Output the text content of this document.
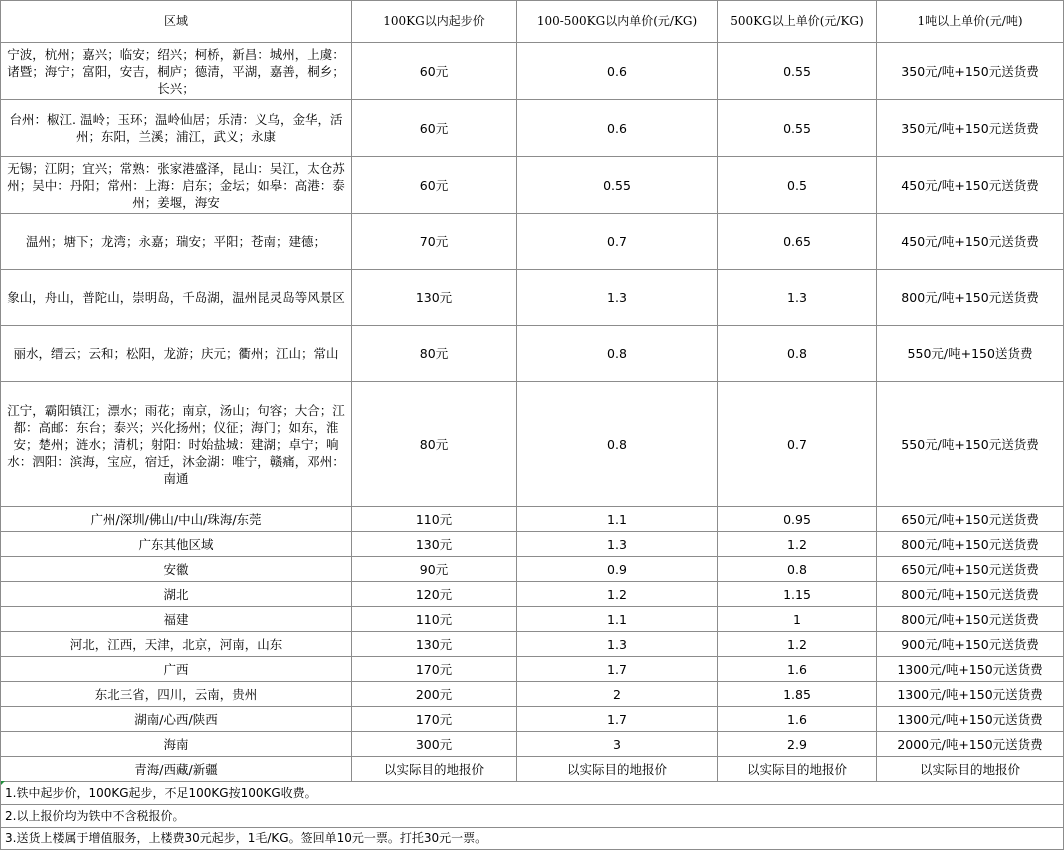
区域	100KG以内起步价	100-500KG以内单价(元/KG)	500KG以上单价(元/KG)	1吨以上单价(元/吨)
宁波，杭州；嘉兴；临安；绍兴；柯桥，新昌：城州，上虞：诸暨；海宁；富阳，安吉，桐庐；德清，平湖，嘉善，桐乡；长兴；	60元	0.6	0.55	350元/吨+150元送货费
台州：椒江. 温岭；玉环；温岭仙居；乐清：义乌，金华，活州；东阳，兰溪；浦江，武义；永康	60元	0.6	0.55	350元/吨+150元送货费
无锡；江阴；宜兴；常熟：张家港盛泽，昆山：吴江，太仓苏州；吴中：丹阳；常州：上海：启东；金坛；如皋：高港：泰州；姜堰，海安	60元	0.55	0.5	450元/吨+150元送货费
温州；塘下；龙湾；永嘉；瑞安；平阳；苍南；建德；	70元	0.7	0.65	450元/吨+150元送货费
象山，舟山，普陀山，崇明岛，千岛湖，温州昆灵岛等风景区	130元	1.3	1.3	800元/吨+150元送货费
丽水，缙云；云和；松阳，龙游；庆元；衢州；江山；常山	80元	0.8	0.8	550元/吨+150送货费
江宁，霸阳镇江；漂水；雨花；南京，汤山；句容；大合；江都：高邮：东台；泰兴；兴化扬州；仪征；海门；如东，淮安；楚州；涟水；清机；射阳：时始盐城：建湖；卓宁；响水：泗阳：滨海，宝应，宿迁，沐金湖：唯宁，赣痛，邓州：南通	80元	0.8	0.7	550元/吨+150元送货费
广州/深圳/佛山/中山/珠海/东莞	110元	1.1	0.95	650元/吨+150元送货费
广东其他区域	130元	1.3	1.2	800元/吨+150元送货费
安徽	90元	0.9	0.8	650元/吨+150元送货费
湖北	120元	1.2	1.15	800元/吨+150元送货费
福建	110元	1.1	1	800元/吨+150元送货费
河北，江西，天津，北京，河南，山东	130元	1.3	1.2	900元/吨+150元送货费
广西	170元	1.7	1.6	1300元/吨+150元送货费
东北三省，四川，云南，贵州	200元	2	1.85	1300元/吨+150元送货费
湖南/心西/陕西	170元	1.7	1.6	1300元/吨+150元送货费
海南	300元	3	2.9	2000元/吨+150元送货费
青海/西藏/新疆	以实际目的地报价	以实际目的地报价	以实际目的地报价	以实际目的地报价
1.铁中起步价，100KG起步，不足100KG按100KG收费。				
2.以上报价均为铁中不含税报价。				
3.送货上楼属于增值服务，上楼费30元起步，1毛/KG。签回单10元一票。打托30元一票。				
